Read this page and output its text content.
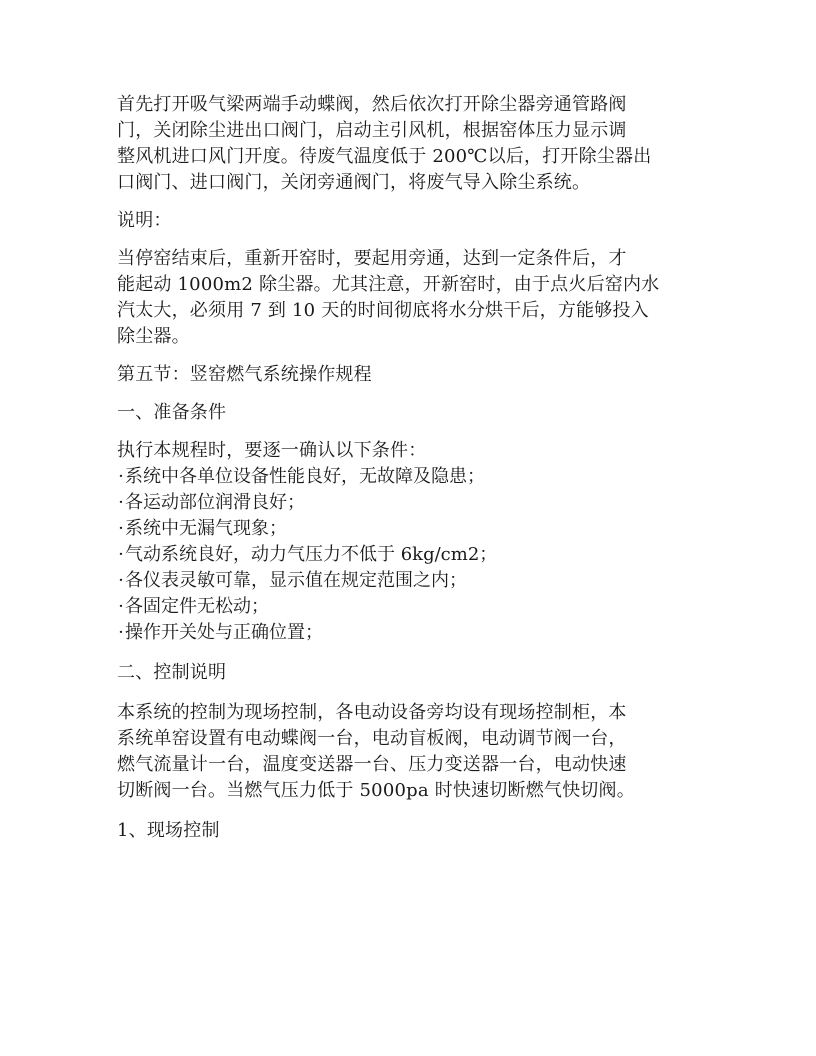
首先打开吸气梁两端手动蝶阀，然后依次打开除尘器旁通管路阀
门，关闭除尘进出口阀门，启动主引风机，根据窑体压力显示调
整风机进口风门开度。待废气温度低于 200℃以后，打开除尘器出
口阀门、进口阀门，关闭旁通阀门，将废气导入除尘系统。

说明：

当停窑结束后，重新开窑时，要起用旁通，达到一定条件后，才
能起动 1000m2 除尘器。尤其注意，开新窑时，由于点火后窑内水
汽太大，必须用 7 到 10 天的时间彻底将水分烘干后，方能够投入
除尘器。

第五节：竖窑燃气系统操作规程

一、准备条件

执行本规程时，要逐一确认以下条件：

·系统中各单位设备性能良好，无故障及隐患；

·各运动部位润滑良好；

·系统中无漏气现象；

·气动系统良好，动力气压力不低于 6kg/cm2；

·各仪表灵敏可靠，显示值在规定范围之内；

·各固定件无松动；

·操作开关处与正确位置；

二、控制说明

本系统的控制为现场控制，各电动设备旁均设有现场控制柜，本
系统单窑设置有电动蝶阀一台，电动盲板阀，电动调节阀一台，
燃气流量计一台，温度变送器一台、压力变送器一台，电动快速
切断阀一台。当燃气压力低于 5000pa 时快速切断燃气快切阀。

1、现场控制
